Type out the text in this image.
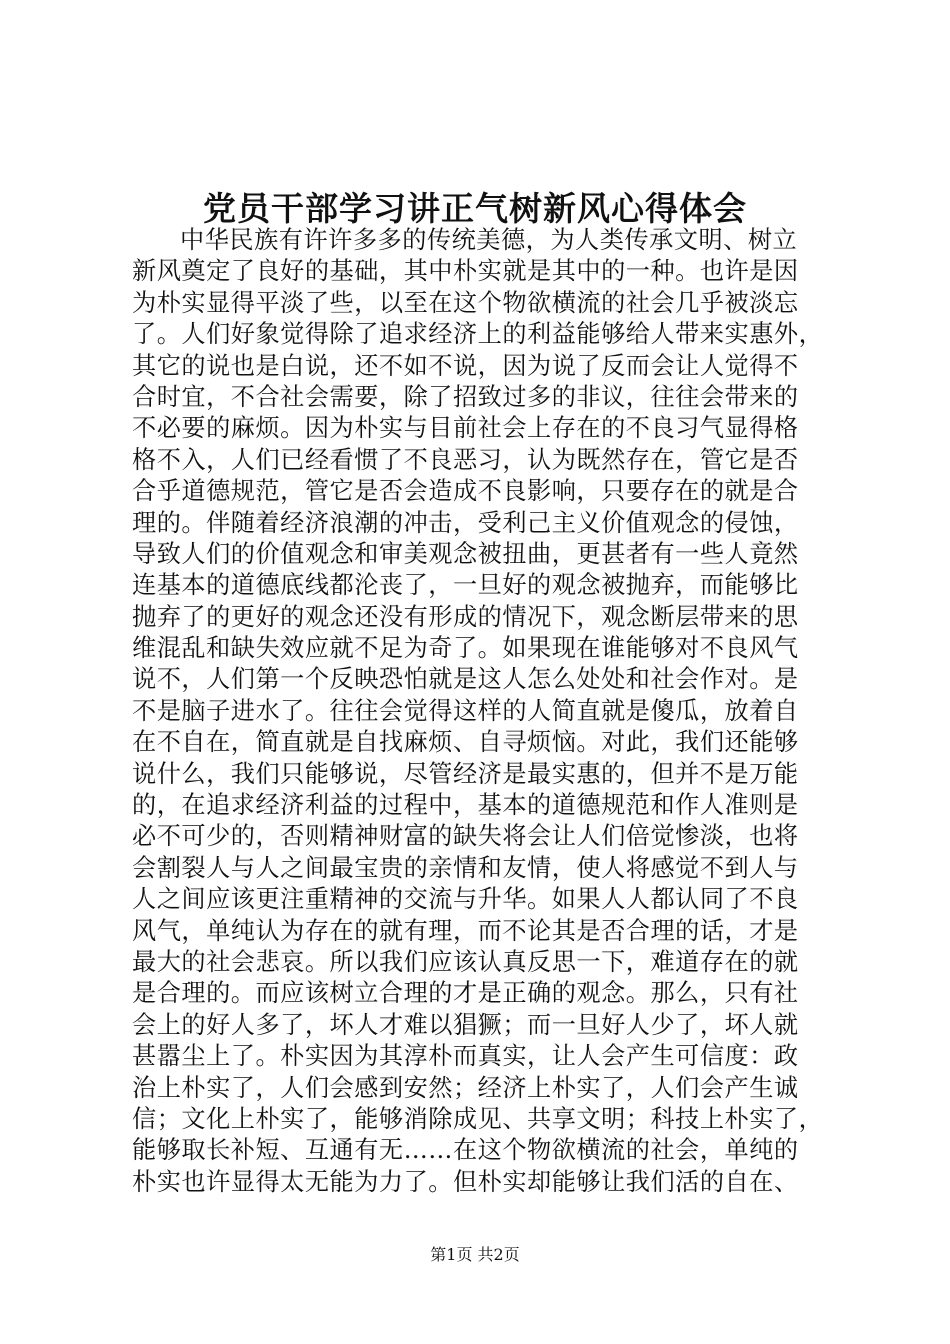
党员干部学习讲正气树新风心得体会
中华民族有许许多多的传统美德，为人类传承文明、树立
新风奠定了良好的基础，其中朴实就是其中的一种。也许是因
为朴实显得平淡了些，以至在这个物欲横流的社会几乎被淡忘
了。人们好象觉得除了追求经济上的利益能够给人带来实惠外，
其它的说也是白说，还不如不说，因为说了反而会让人觉得不
合时宜，不合社会需要，除了招致过多的非议，往往会带来的
不必要的麻烦。因为朴实与目前社会上存在的不良习气显得格
格不入，人们已经看惯了不良恶习，认为既然存在，管它是否
合乎道德规范，管它是否会造成不良影响，只要存在的就是合
理的。伴随着经济浪潮的冲击，受利己主义价值观念的侵蚀，
导致人们的价值观念和审美观念被扭曲，更甚者有一些人竟然
连基本的道德底线都沦丧了，一旦好的观念被抛弃，而能够比
抛弃了的更好的观念还没有形成的情况下，观念断层带来的思
维混乱和缺失效应就不足为奇了。如果现在谁能够对不良风气
说不，人们第一个反映恐怕就是这人怎么处处和社会作对。是
不是脑子进水了。往往会觉得这样的人简直就是傻瓜，放着自
在不自在，简直就是自找麻烦、自寻烦恼。对此，我们还能够
说什么，我们只能够说，尽管经济是最实惠的，但并不是万能
的，在追求经济利益的过程中，基本的道德规范和作人准则是
必不可少的，否则精神财富的缺失将会让人们倍觉惨淡，也将
会割裂人与人之间最宝贵的亲情和友情，使人将感觉不到人与
人之间应该更注重精神的交流与升华。如果人人都认同了不良
风气，单纯认为存在的就有理，而不论其是否合理的话，才是
最大的社会悲哀。所以我们应该认真反思一下，难道存在的就
是合理的。而应该树立合理的才是正确的观念。那么，只有社
会上的好人多了，坏人才难以猖獗；而一旦好人少了，坏人就
甚嚣尘上了。朴实因为其淳朴而真实，让人会产生可信度：政
治上朴实了，人们会感到安然；经济上朴实了，人们会产生诚
信；文化上朴实了，能够消除成见、共享文明；科技上朴实了，
能够取长补短、互通有无……在这个物欲横流的社会，单纯的
朴实也许显得太无能为力了。但朴实却能够让我们活的自在、
第1页 共2页
